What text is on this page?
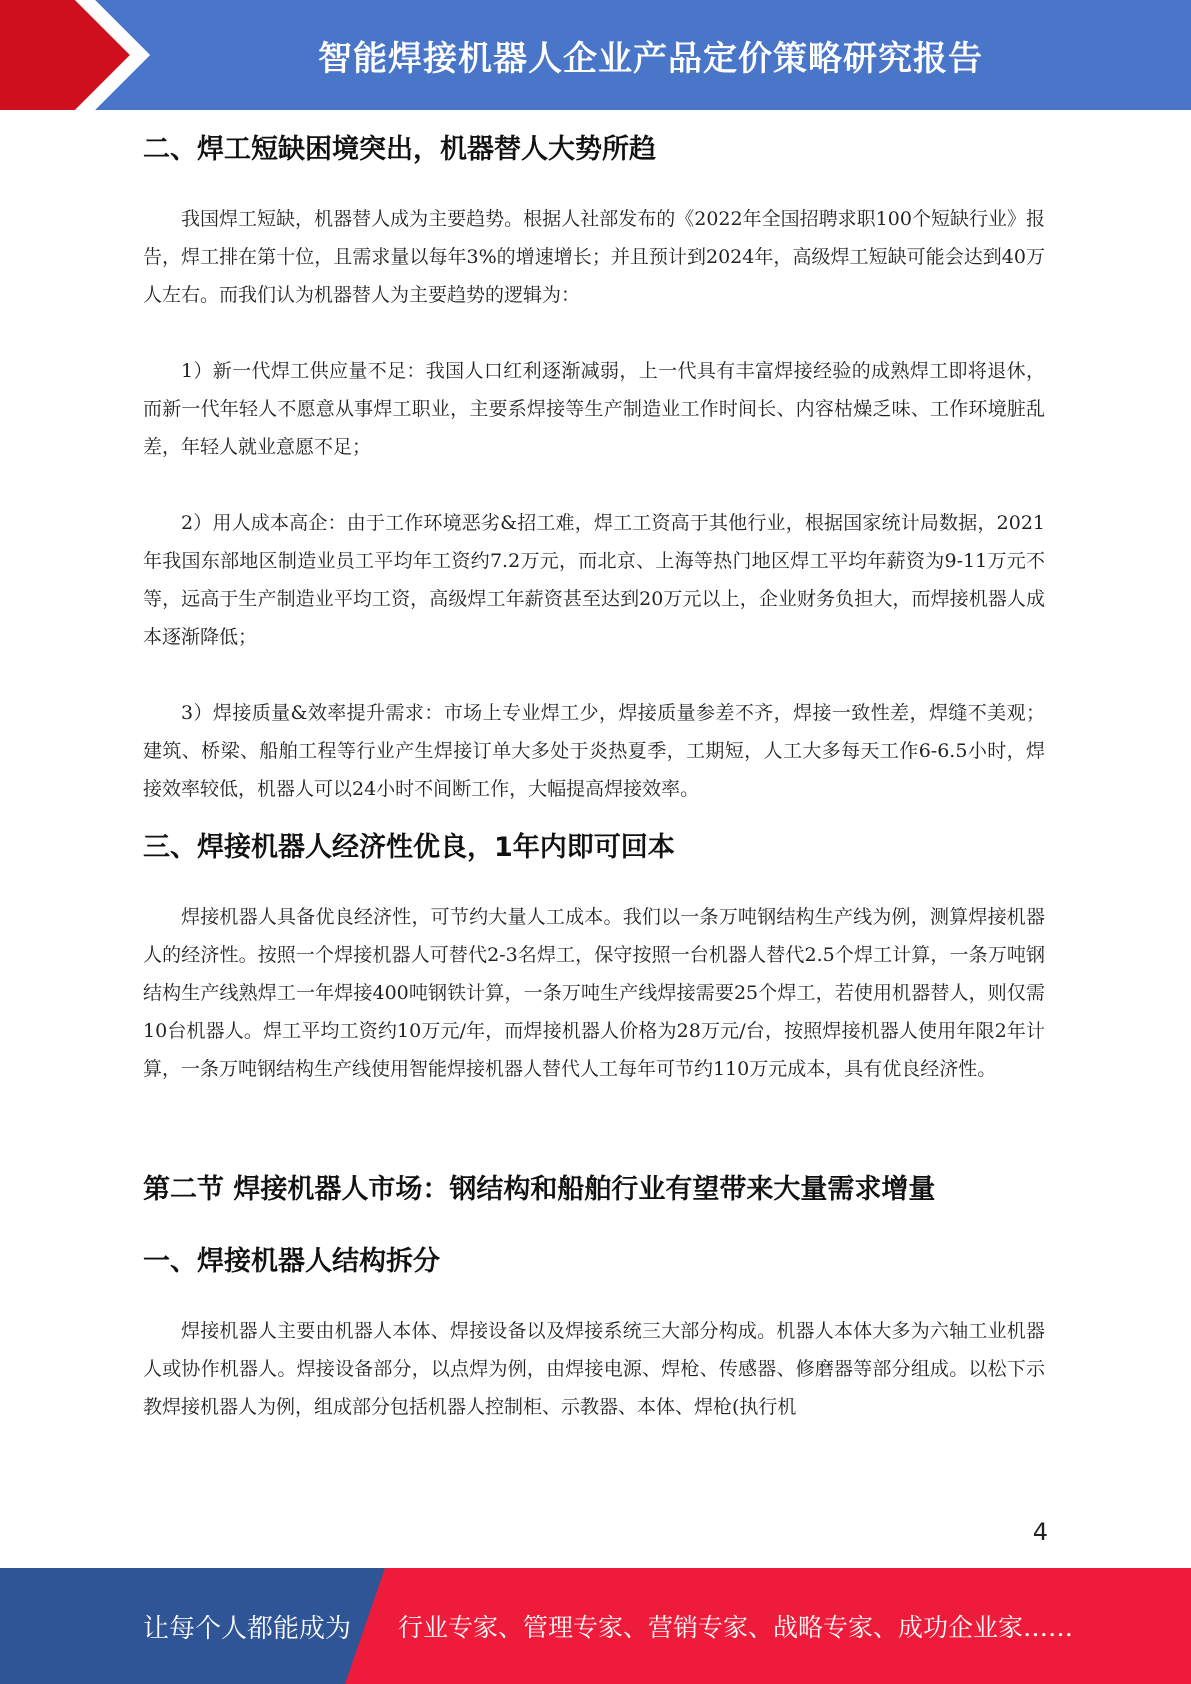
智能焊接机器人企业产品定价策略研究报告
二、焊工短缺困境突出，机器替人大势所趋

我国焊工短缺，机器替人成为主要趋势。根据人社部发布的《2022年全国招聘求职100个短缺行业》报告，焊工排在第十位，且需求量以每年3%的增速增长；并且预计到2024年，高级焊工短缺可能会达到40万人左右。而我们认为机器替人为主要趋势的逻辑为：

1）新一代焊工供应量不足：我国人口红利逐渐减弱，上一代具有丰富焊接经验的成熟焊工即将退休，而新一代年轻人不愿意从事焊工职业，主要系焊接等生产制造业工作时间长、内容枯燥乏味、工作环境脏乱差，年轻人就业意愿不足；

2）用人成本高企：由于工作环境恶劣&招工难，焊工工资高于其他行业，根据国家统计局数据，2021年我国东部地区制造业员工平均年工资约7.2万元，而北京、上海等热门地区焊工平均年薪资为9-11万元不等，远高于生产制造业平均工资，高级焊工年薪资甚至达到20万元以上，企业财务负担大，而焊接机器人成本逐渐降低；

3）焊接质量&效率提升需求：市场上专业焊工少，焊接质量参差不齐，焊接一致性差，焊缝不美观；建筑、桥梁、船舶工程等行业产生焊接订单大多处于炎热夏季，工期短，人工大多每天工作6-6.5小时，焊接效率较低，机器人可以24小时不间断工作，大幅提高焊接效率。

三、焊接机器人经济性优良，1年内即可回本

焊接机器人具备优良经济性，可节约大量人工成本。我们以一条万吨钢结构生产线为例，测算焊接机器人的经济性。按照一个焊接机器人可替代2-3名焊工，保守按照一台机器人替代2.5个焊工计算，一条万吨钢结构生产线熟焊工一年焊接400吨钢铁计算，一条万吨生产线焊接需要25个焊工，若使用机器替人，则仅需10台机器人。焊工平均工资约10万元/年，而焊接机器人价格为28万元/台，按照焊接机器人使用年限2年计算，一条万吨钢结构生产线使用智能焊接机器人替代人工每年可节约110万元成本，具有优良经济性。

第二节 焊接机器人市场：钢结构和船舶行业有望带来大量需求增量
一、焊接机器人结构拆分

焊接机器人主要由机器人本体、焊接设备以及焊接系统三大部分构成。机器人本体大多为六轴工业机器人或协作机器人。焊接设备部分，以点焊为例，由焊接电源、焊枪、传感器、修磨器等部分组成。以松下示教焊接机器人为例，组成部分包括机器人控制柜、示教器、本体、焊枪(执行机

4
让每个人都能成为 行业专家、管理专家、营销专家、战略专家、成功企业家……
